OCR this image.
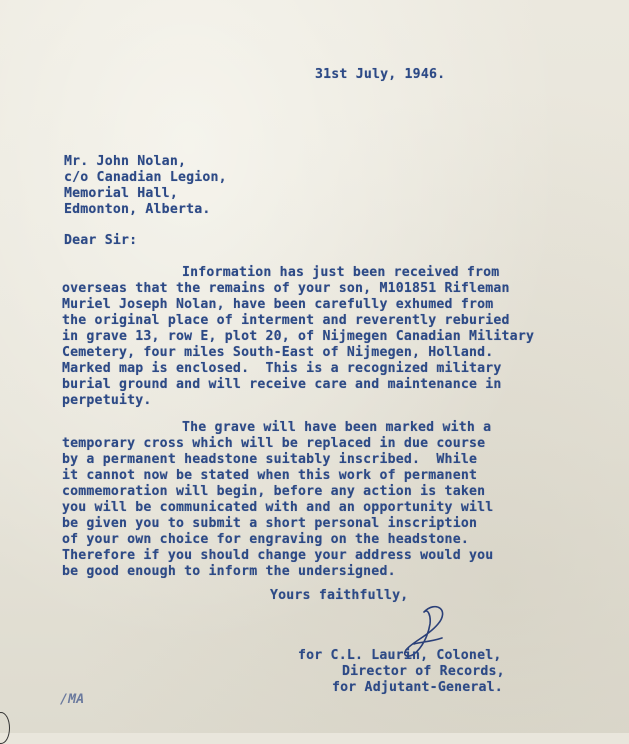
31st July, 1946.
Mr. John Nolan,
c/o Canadian Legion,
Memorial Hall,
Edmonton, Alberta.
Dear Sir:
Information has just been received from
overseas that the remains of your son, M101851 Rifleman
Muriel Joseph Nolan, have been carefully exhumed from
the original place of interment and reverently reburied
in grave 13, row E, plot 20, of Nijmegen Canadian Military
Cemetery, four miles South-East of Nijmegen, Holland.
Marked map is enclosed.  This is a recognized military
burial ground and will receive care and maintenance in
perpetuity.
The grave will have been marked with a
temporary cross which will be replaced in due course
by a permanent headstone suitably inscribed.  While
it cannot now be stated when this work of permanent
commemoration will begin, before any action is taken
you will be communicated with and an opportunity will
be given you to submit a short personal inscription
of your own choice for engraving on the headstone.
Therefore if you should change your address would you
be good enough to inform the undersigned.
Yours faithfully,
for C.L. Laurin, Colonel,
Director of Records,
for Adjutant-General.
/MA
